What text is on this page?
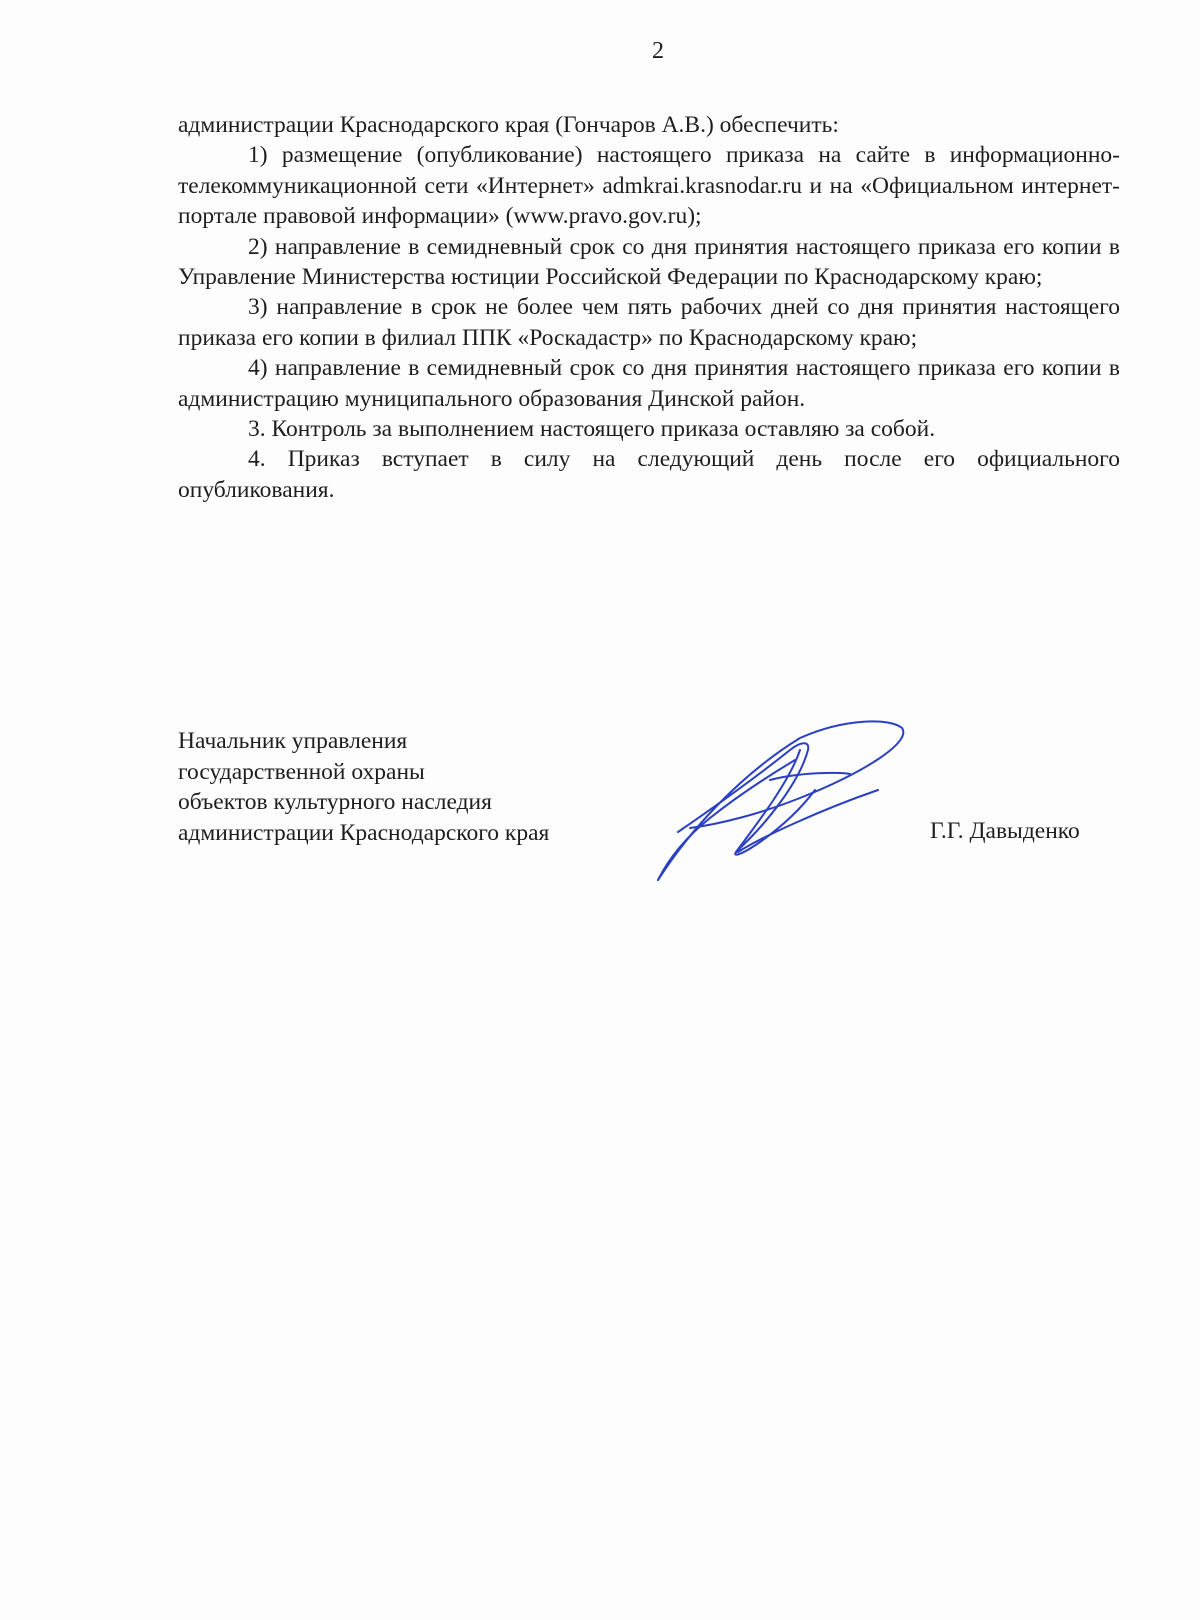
2

администрации Краснодарского края (Гончаров А.В.) обеспечить:

1) размещение (опубликование) настоящего приказа на сайте в информационно-телекоммуникационной сети «Интернет» admkrai.krasnodar.ru и на «Официальном интернет-портале правовой информации» (www.pravo.gov.ru);

2) направление в семидневный срок со дня принятия настоящего приказа его копии в Управление Министерства юстиции Российской Федерации по Краснодарскому краю;

3) направление в срок не более чем пять рабочих дней со дня принятия настоящего приказа его копии в филиал ППК «Роскадастр» по Краснодарскому краю;

4) направление в семидневный срок со дня принятия настоящего приказа его копии в администрацию муниципального образования Динской район.

3. Контроль за выполнением настоящего приказа оставляю за собой.

4. Приказ вступает в силу на следующий день после его официального опубликования.

Начальник управления
государственной охраны
объектов культурного наследия
администрации Краснодарского края	Г.Г. Давыденко
